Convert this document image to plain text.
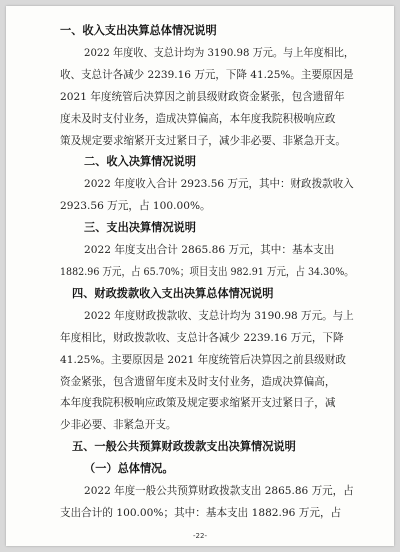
一、收入支出决算总体情况说明
2022 年度收、支总计均为 3190.98 万元。与上年度相比，
收、支总计各减少 2239.16 万元，下降 41.25%。主要原因是
2021 年度统管后决算因之前县级财政资金紧张，包含遗留年
度未及时支付业务，造成决算偏高，本年度我院积极响应政
策及规定要求缩紧开支过紧日子，减少非必要、非紧急开支。
二、收入决算情况说明
2022 年度收入合计 2923.56 万元，其中：财政拨款收入
2923.56 万元，占 100.00%。
三、支出决算情况说明
2022 年度支出合计 2865.86 万元，其中：基本支出
1882.96 万元，占 65.70%；项目支出 982.91 万元，占 34.30%。
四、财政拨款收入支出决算总体情况说明
2022 年度财政拨款收、支总计均为 3190.98 万元。与上
年度相比，财政拨款收、支总计各减少 2239.16 万元，下降
41.25%。主要原因是 2021 年度统管后决算因之前县级财政
资金紧张，包含遗留年度未及时支付业务，造成决算偏高，
本年度我院积极响应政策及规定要求缩紧开支过紧日子，减
少非必要、非紧急开支。
五、一般公共预算财政拨款支出决算情况说明
（一）总体情况。
2022 年度一般公共预算财政拨款支出 2865.86 万元，占
支出合计的 100.00%；其中：基本支出 1882.96 万元，占
-22-
